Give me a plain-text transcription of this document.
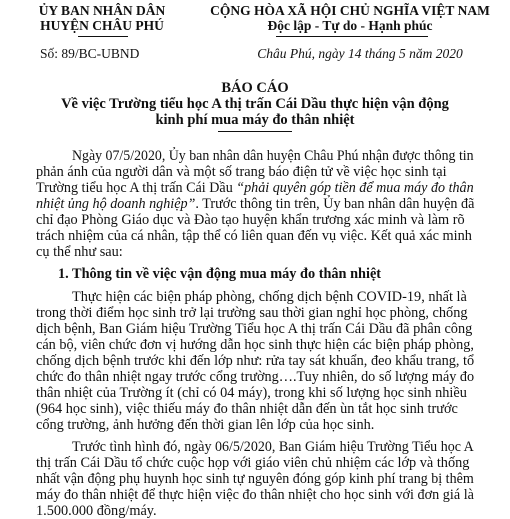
ỦY BAN NHÂN DÂN
HUYỆN CHÂU PHÚ
Số: 89/BC-UBND
CỘNG HÒA XÃ HỘI CHỦ NGHĨA VIỆT NAM
Độc lập - Tự do - Hạnh phúc
Châu Phú, ngày 14 tháng 5 năm 2020
BÁO CÁO
Về việc Trường tiểu học A thị trấn Cái Dầu thực hiện vận động
kinh phí mua máy đo thân nhiệt
Ngày 07/5/2020, Ủy ban nhân dân huyện Châu Phú nhận được thông tin
phản ánh của người dân và một số trang báo điện tử về việc học sinh tại
Trường tiểu học A thị trấn Cái Dầu “phải quyên góp tiền để mua máy đo thân
nhiệt ủng hộ doanh nghiệp”. Trước thông tin trên, Ủy ban nhân dân huyện đã
chỉ đạo Phòng Giáo dục và Đào tạo huyện khẩn trương xác minh và làm rõ
trách nhiệm của cá nhân, tập thể có liên quan đến vụ việc. Kết quả xác minh
cụ thể như sau:
1. Thông tin về việc vận động mua máy đo thân nhiệt
Thực hiện các biện pháp phòng, chống dịch bệnh COVID-19, nhất là
trong thời điểm học sinh trở lại trường sau thời gian nghỉ học phòng, chống
dịch bệnh, Ban Giám hiệu Trường Tiểu học A thị trấn Cái Dầu đã phân công
cán bộ, viên chức đơn vị hướng dẫn học sinh thực hiện các biện pháp phòng,
chống dịch bệnh trước khi đến lớp như: rửa tay sát khuẩn, đeo khẩu trang, tổ
chức đo thân nhiệt ngay trước cổng trường….Tuy nhiên, do số lượng máy đo
thân nhiệt của Trường ít (chỉ có 04 máy), trong khi số lượng học sinh nhiều
(964 học sinh), việc thiếu máy đo thân nhiệt dẫn đến ùn tắt học sinh trước
cổng trường, ảnh hưởng đến thời gian lên lớp của học sinh.
Trước tình hình đó, ngày 06/5/2020, Ban Giám hiệu Trường Tiểu học A
thị trấn Cái Dầu tổ chức cuộc họp với giáo viên chủ nhiệm các lớp và thống
nhất vận động phụ huynh học sinh tự nguyên đóng góp kinh phí trang bị thêm
máy đo thân nhiệt để thực hiện việc đo thân nhiệt cho học sinh với đơn giá là
1.500.000 đồng/máy.
